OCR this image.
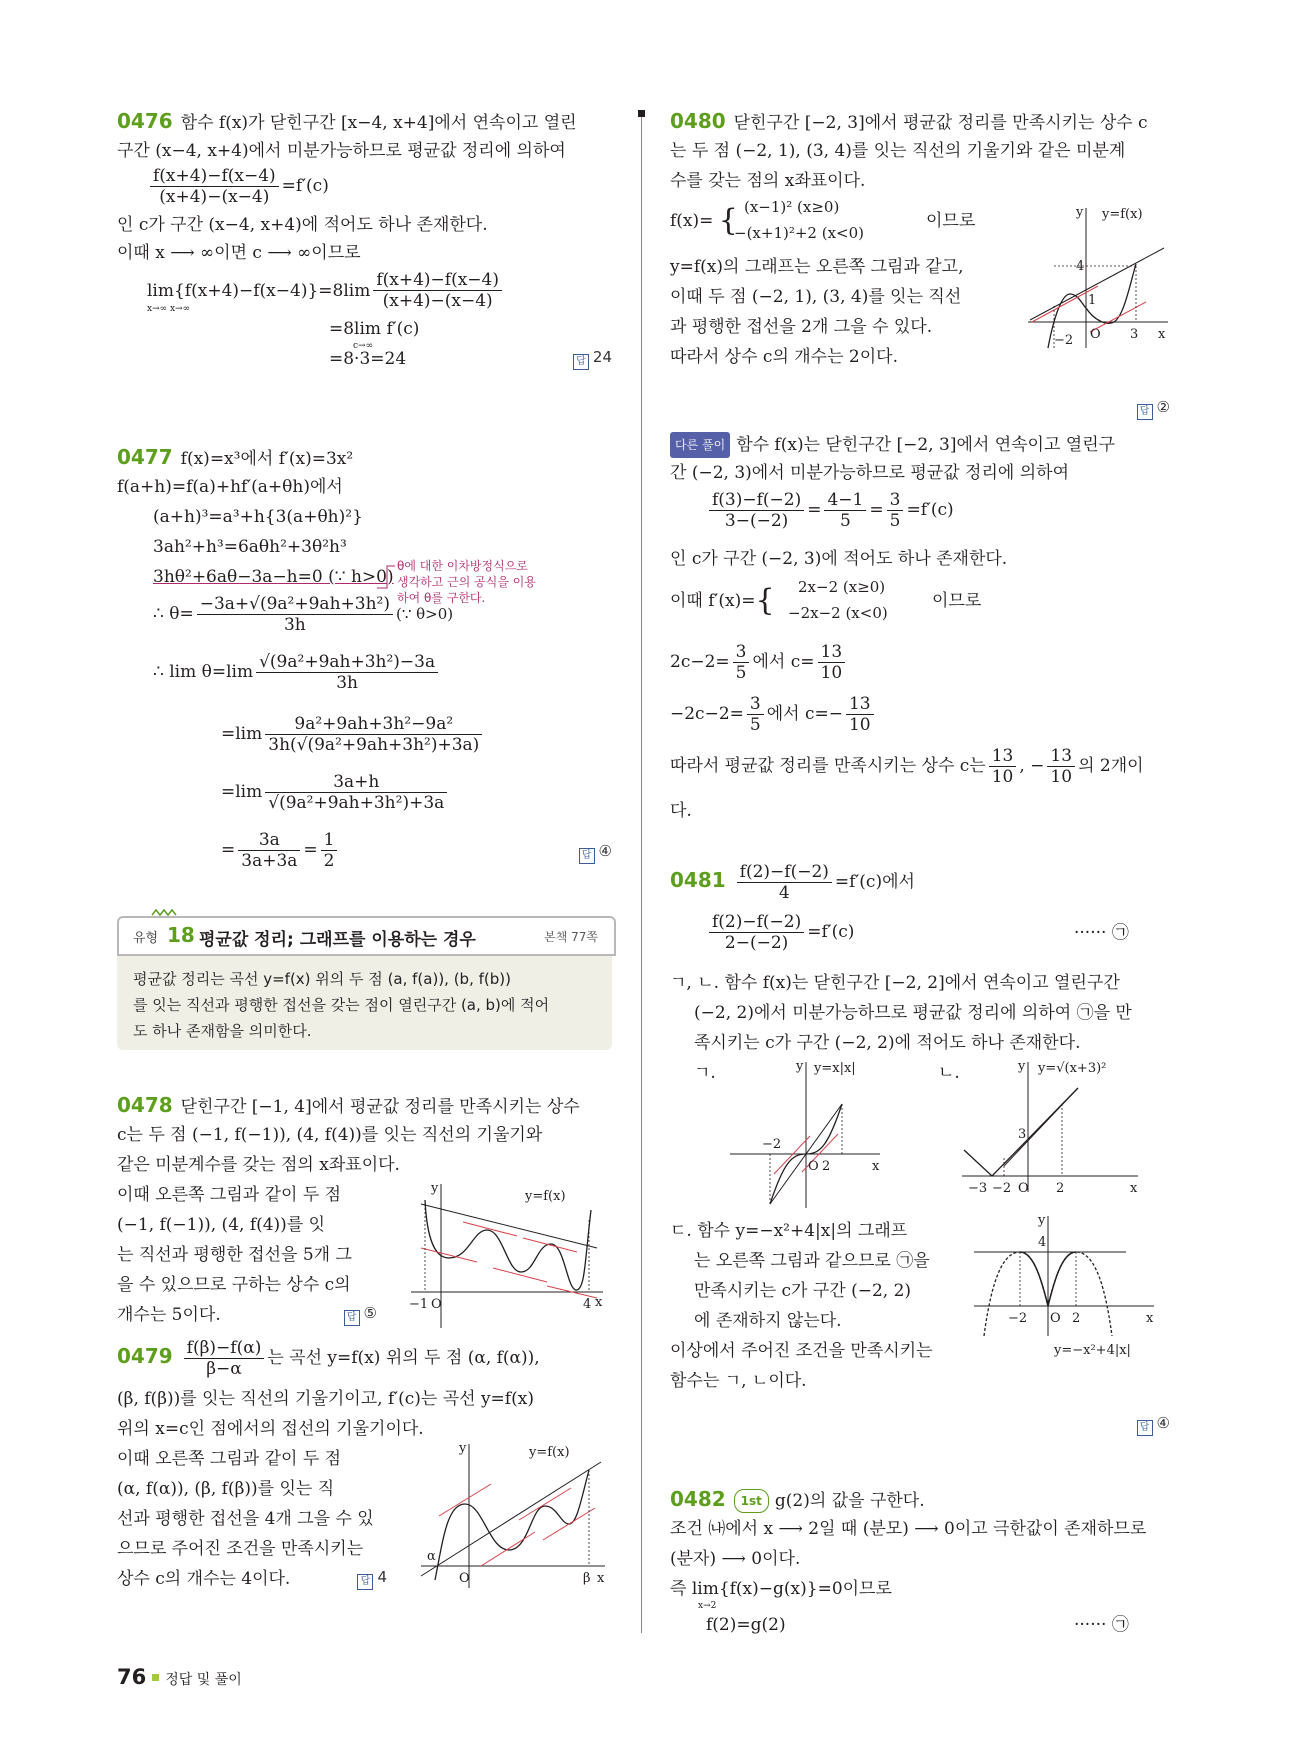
0476 함수 f(x)가 닫힌구간 [x−4, x+4]에서 연속이고 열린
구간 (x−4, x+4)에서 미분가능하므로 평균값 정리에 의하여
$\frac{f(x+4)-f(x-4)}{(x+4)-(x-4)} =f'(c)$
인 c가 구간 (x−4, x+4)에 적어도 하나 존재한다.
이때 x ⟶ ∞이면 c ⟶ ∞이므로
lim{f(x+4)−f(x−4)}=8lim
x→∞ x→∞	$\frac{f(x+4)-f(x-4)}{(x+4)-(x-4)}$
=8lim f′(c)
c→∞
=8·3=24	답 24
0477 f(x)=x³에서 f′(x)=3x²
f(a+h)=f(a)+hf′(a+θh)에서
(a+h)³=a³+h{3(a+θh)²}
3ah²+h³=6aθh²+3θ²h³
3hθ²+6aθ−3a−h=0 (∵ h>0)
θ에 대한 이차방정식으로
생각하고 근의 공식을 이용
하여 θ를 구한다.
∴ $\theta= \frac{\text{−3a+√(9a²+9ah+3h²)}}{3h}$ (∵ θ>0)
∴ $\lim \theta=\lim \frac{\text{√(9a²+9ah+3h²)−3a}}{3h}$
$=\lim \frac{\text{9a²+9ah+3h²−9a²}}{\text{3h(√(9a²+9ah+3h²)+3a)}}$
$=\lim \frac{3a+h}{\text{√(9a²+9ah+3h²)+3a}}$
= $\frac{3a}{3a+3a} = \frac{1}{2}$	답 ④
유형 18 평균값 정리; 그래프를 이용하는 경우	본책 77쪽
평균값 정리는 곡선 y=f(x) 위의 두 점 (a, f(a)), (b, f(b))
를 잇는 직선과 평행한 접선을 갖는 점이 열린구간 (a, b)에 적어
도 하나 존재함을 의미한다.
0478 닫힌구간 [−1, 4]에서 평균값 정리를 만족시키는 상수
c는 두 점 (−1, f(−1)), (4, f(4))를 잇는 직선의 기울기와
같은 미분계수를 갖는 점의 x좌표이다.
이때 오른쪽 그림과 같이 두 점
(−1, f(−1)), (4, f(4))를 잇
는 직선과 평행한 접선을 5개 그
을 수 있으므로 구하는 상수 c의
개수는 5이다.	답 ⑤
y=f(x)
x
y
−1 O	4
$0479 \frac{f(\beta)-f(\alpha)}{\beta-\alpha}$ 는 곡선 y=f(x) 위의 두 점 (α, f(α)),
(β, f(β))를 잇는 직선의 기울기이고, f′(c)는 곡선 y=f(x)
위의 x=c인 점에서의 접선의 기울기이다.
이때 오른쪽 그림과 같이 두 점
(α, f(α)), (β, f(β))를 잇는 직
선과 평행한 접선을 4개 그을 수 있
으므로 주어진 조건을 만족시키는
상수 c의 개수는 4이다.	답 4
y=f(x)
x
y
α
β
O
0480 닫힌구간 [−2, 3]에서 평균값 정리를 만족시키는 상수 c
는 두 점 (−2, 1), (3, 4)를 잇는 직선의 기울기와 같은 미분계
수를 갖는 점의 x좌표이다.
f(x)= { (x−1)² (x≥0)
−(x+1)²+2 (x<0)
이므로
y=f(x)의 그래프는 오른쪽 그림과 같고,
이때 두 점 (−2, 1), (3, 4)를 잇는 직선
과 평행한 접선을 2개 그을 수 있다.
따라서 상수 c의 개수는 2이다.
y=f(x)
x
y
4
1
−2 O 3
답 ②
다른 풀이 함수 f(x)는 닫힌구간 [−2, 3]에서 연속이고 열린구
간 (−2, 3)에서 미분가능하므로 평균값 정리에 의하여
$\frac{f(3)-f(-2)}{3-(-2)} = \frac{4-1}{5} = \frac{3}{5} =f'(c)$
인 c가 구간 (−2, 3)에 적어도 하나 존재한다.
이때 f′(x)={ 2x−2 (x≥0)
−2x−2 (x<0)
이므로
$2c-2= \frac{3}{5}$ 에서 $c= \frac{13}{10}$
$-2c-2= \frac{3}{5}$ 에서 $c=- \frac{13}{10}$
따라서 평균값 정리를 만족시키는 상수 c는 $\frac{13}{10}$ , − $\frac{13}{10}$ 의 2개이
다.
$0481 \frac{f(2)-f(-2)}{4} =f'(c)$에서
$\frac{f(2)-f(-2)}{2-(-2)} =f'(c)$	······ ㉠
ㄱ, ㄴ. 함수 f(x)는 닫힌구간 [−2, 2]에서 연속이고 열린구간
(−2, 2)에서 미분가능하므로 평균값 정리에 의하여 ㉠을 만
족시키는 c가 구간 (−2, 2)에 적어도 하나 존재한다.
ㄱ.	y=x|x|
x
y
−2
O 2
ㄴ.	y=√(x+3)²
x
y
3
−3 −2 O 2
ㄷ. 함수 y=−x²+4|x|의 그래프
는 오른쪽 그림과 같으므로 ㉠을
만족시키는 c가 구간 (−2, 2)
에 존재하지 않는다.
이상에서 주어진 조건을 만족시키는
함수는 ㄱ, ㄴ이다.
y=−x²+4|x|
x
y
4
−2 O 2
답 ④
0482 1st g(2)의 값을 구한다.
조건 ㈏에서 x ⟶ 2일 때 (분모) ⟶ 0이고 극한값이 존재하므로
(분자) ⟶ 0이다.
즉 lim{f(x)−g(x)}=0이므로
x→2
f(2)=g(2)	······ ㉠
76 정답 및 풀이
